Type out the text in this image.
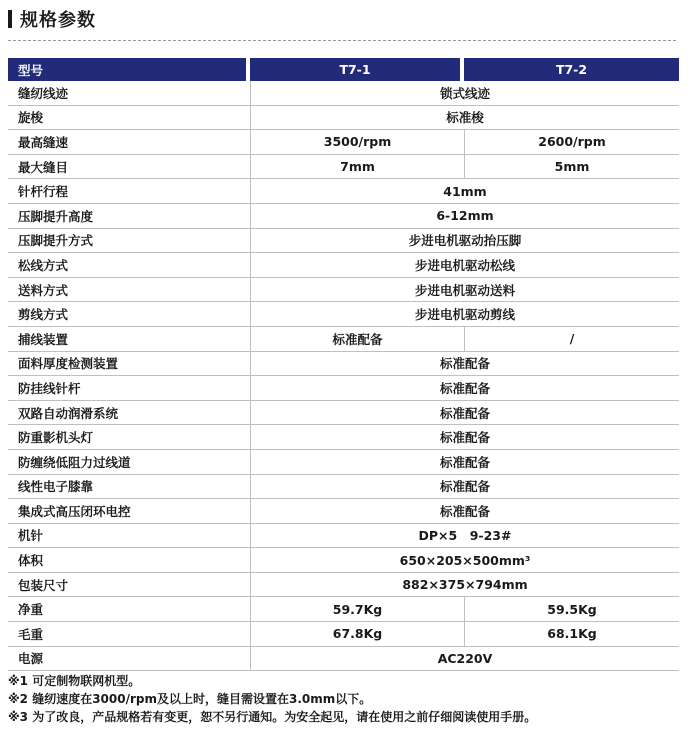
规格参数
型号	T7-1	T7-2
缝纫线迹	锁式线迹	
旋梭	标准梭	
最高缝速	3500/rpm	2600/rpm
最大缝目	7mm	5mm
针杆行程	41mm	
压脚提升高度	6-12mm	
压脚提升方式	步进电机驱动抬压脚	
松线方式	步进电机驱动松线	
送料方式	步进电机驱动送料	
剪线方式	步进电机驱动剪线	
捕线装置	标准配备	/
面料厚度检测装置	标准配备	
防挂线针杆	标准配备	
双路自动润滑系统	标准配备	
防重影机头灯	标准配备	
防缠绕低阻力过线道	标准配备	
线性电子膝靠	标准配备	
集成式高压闭环电控	标准配备	
机针	DP×5　9-23#	
体积	650×205×500mm³	
包装尺寸	882×375×794mm	
净重	59.7Kg	59.5Kg
毛重	67.8Kg	68.1Kg
电源	AC220V	
※1 可定制物联网机型。
※2 缝纫速度在3000/rpm及以上时，缝目需设置在3.0mm以下。
※3 为了改良，产品规格若有变更，恕不另行通知。为安全起见，请在使用之前仔细阅读使用手册。
